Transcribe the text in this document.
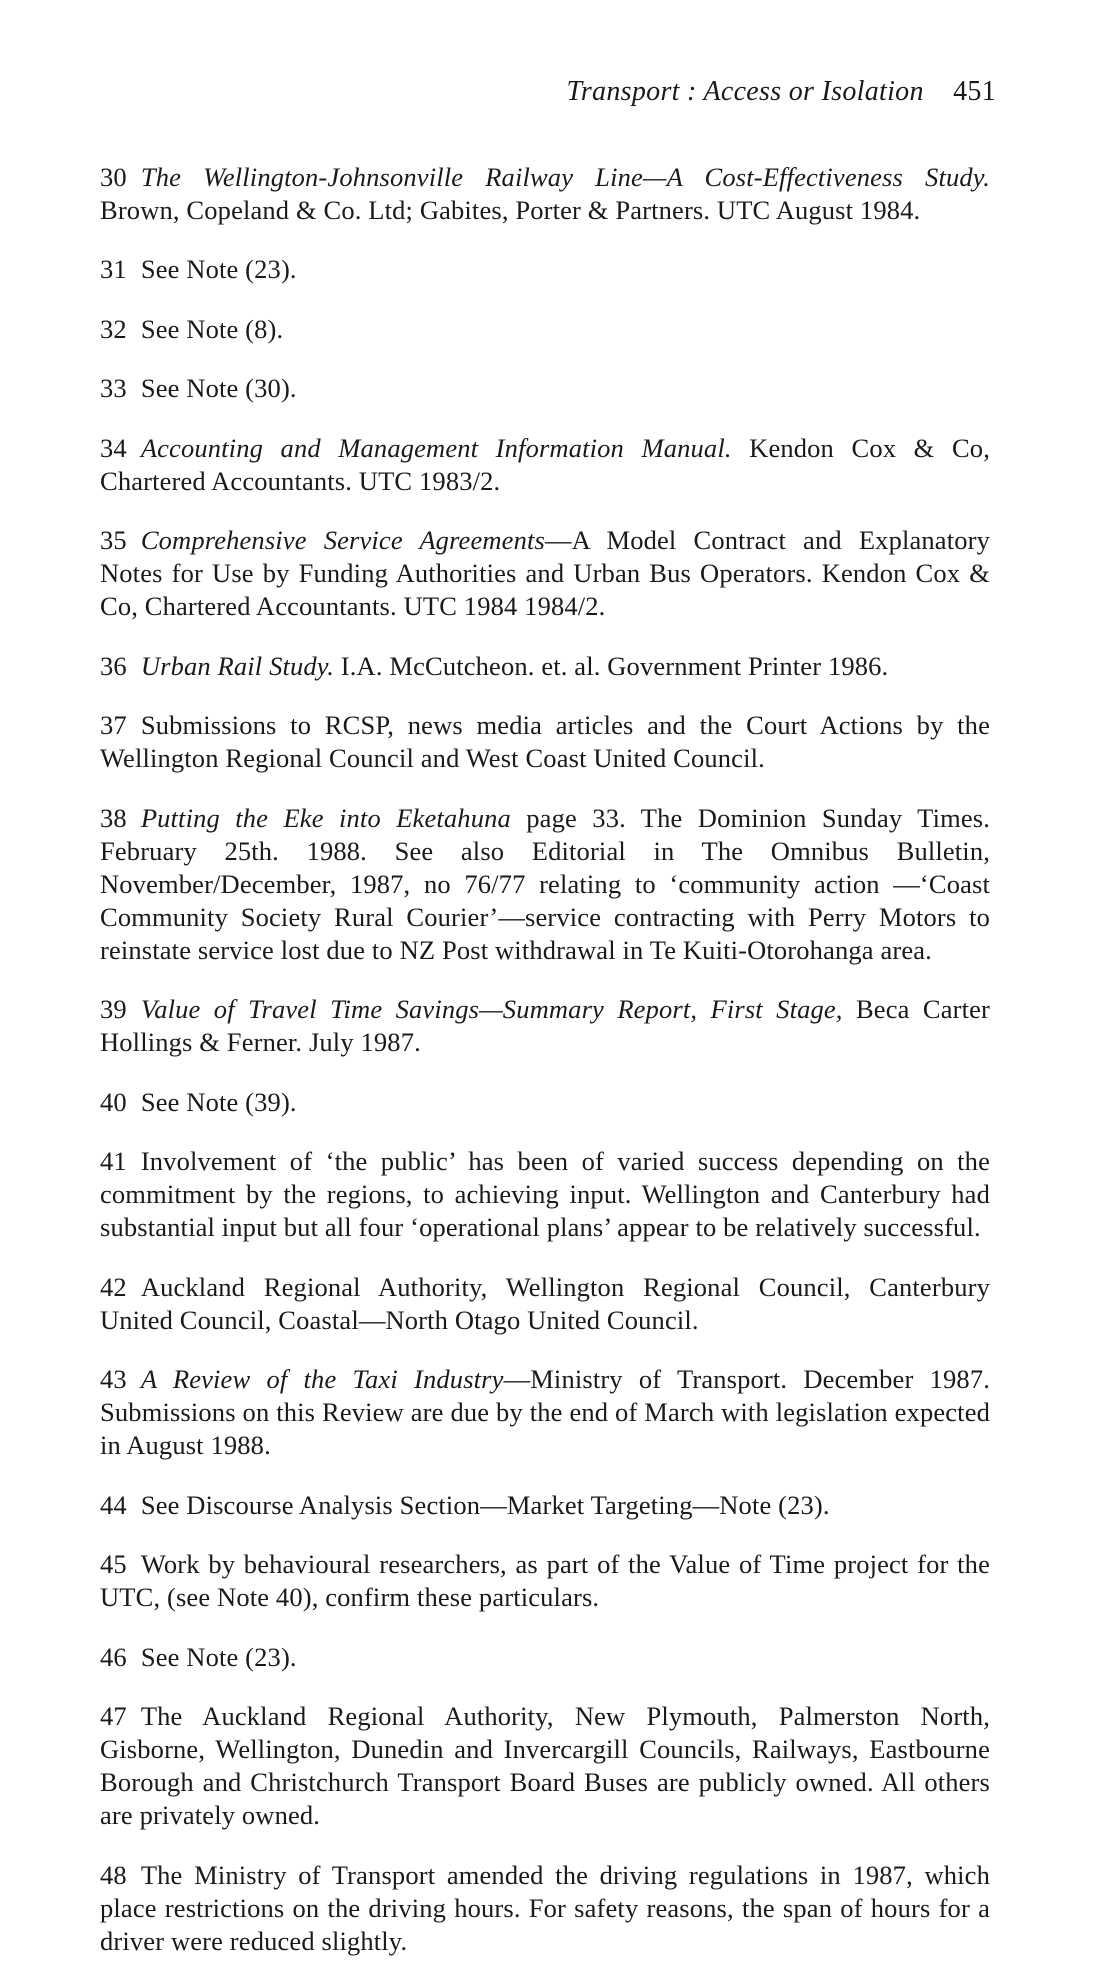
Transport : Access or Isolation 451

30 The Wellington-Johnsonville Railway Line—A Cost-Effectiveness Study. Brown, Copeland & Co. Ltd; Gabites, Porter & Partners. UTC August 1984.

31 See Note (23).

32 See Note (8).

33 See Note (30).

34 Accounting and Management Information Manual. Kendon Cox & Co, Chartered Accountants. UTC 1983/2.

35 Comprehensive Service Agreements—A Model Contract and Explanatory Notes for Use by Funding Authorities and Urban Bus Operators. Kendon Cox & Co, Chartered Accountants. UTC 1984 1984/2.

36 Urban Rail Study. I.A. McCutcheon. et. al. Government Printer 1986.

37 Submissions to RCSP, news media articles and the Court Actions by the Wellington Regional Council and West Coast United Council.

38 Putting the Eke into Eketahuna page 33. The Dominion Sunday Times. February 25th. 1988. See also Editorial in The Omnibus Bulletin, November/December, 1987, no 76/77 relating to ‘community action —‘Coast Community Society Rural Courier’—service contracting with Perry Motors to reinstate service lost due to NZ Post withdrawal in Te Kuiti-Otorohanga area.

39 Value of Travel Time Savings—Summary Report, First Stage, Beca Carter Hollings & Ferner. July 1987.

40 See Note (39).

41 Involvement of ‘the public’ has been of varied success depending on the commitment by the regions, to achieving input. Wellington and Canterbury had substantial input but all four ‘operational plans’ appear to be relatively successful.

42 Auckland Regional Authority, Wellington Regional Council, Canterbury United Council, Coastal—North Otago United Council.

43 A Review of the Taxi Industry—Ministry of Transport. December 1987. Submissions on this Review are due by the end of March with legislation expected in August 1988.

44 See Discourse Analysis Section—Market Targeting—Note (23).

45 Work by behavioural researchers, as part of the Value of Time project for the UTC, (see Note 40), confirm these particulars.

46 See Note (23).

47 The Auckland Regional Authority, New Plymouth, Palmerston North, Gisborne, Wellington, Dunedin and Invercargill Councils, Railways, Eastbourne Borough and Christchurch Transport Board Buses are publicly owned. All others are privately owned.

48 The Ministry of Transport amended the driving regulations in 1987, which place restrictions on the driving hours. For safety reasons, the span of hours for a driver were reduced slightly.
